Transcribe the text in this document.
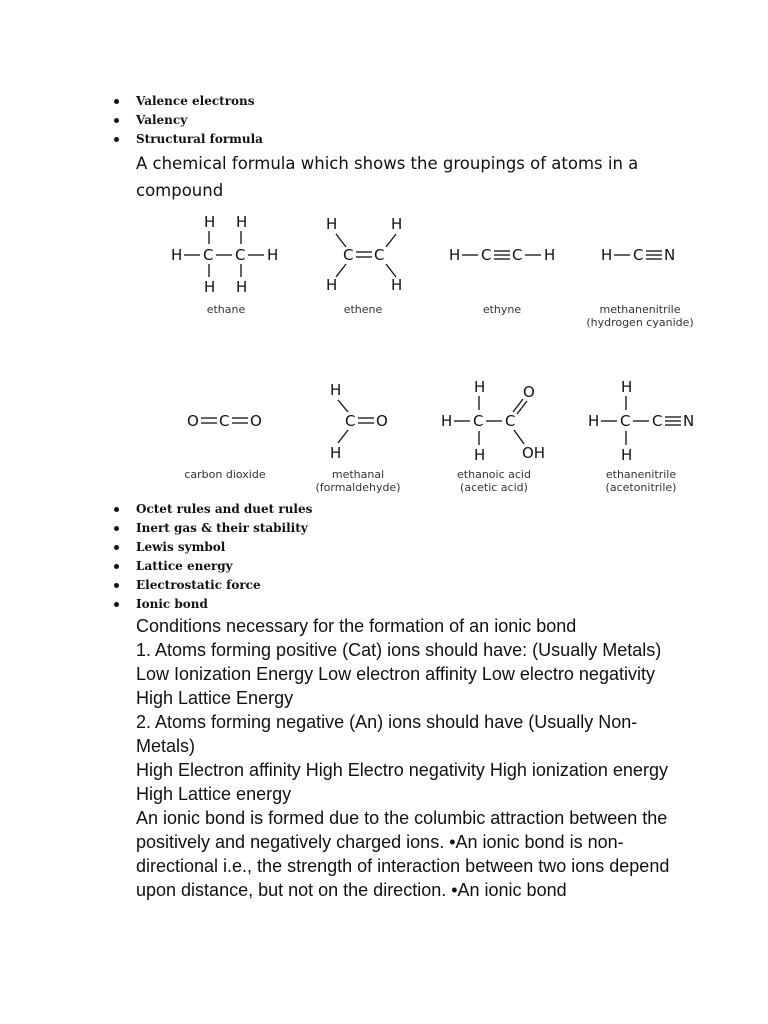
Valence electrons
Valency
Structural formula
A chemical formula which shows the groupings of atoms in a compound
H H
H C C H
H H
ethane
H	H
C C
H	H
ethene
H C C H
ethyne
H C N
methanenitrile
(hydrogen cyanide)
O C O
carbon dioxide
H
C O
H
methanal
(formaldehyde)
H
H C C
O
OH
H
ethanoic acid
(acetic acid)
H
H C C N
H
ethanenitrile
(acetonitrile)
Octet rules and duet rules
Inert gas & their stability
Lewis symbol
Lattice energy
Electrostatic force
Ionic bond

Conditions necessary for the formation of an ionic bond

1. Atoms forming positive (Cat) ions should have: (Usually Metals)

Low Ionization Energy Low electron affinity Low electro negativity High Lattice Energy

2. Atoms forming negative (An) ions should have (Usually Non-Metals)

High Electron affinity High Electro negativity High ionization energy High Lattice energy

An ionic bond is formed due to the columbic attraction between the positively and negatively charged ions. •An ionic bond is non-directional i.e., the strength of interaction between two ions depend upon distance, but not on the direction. •An ionic bond
